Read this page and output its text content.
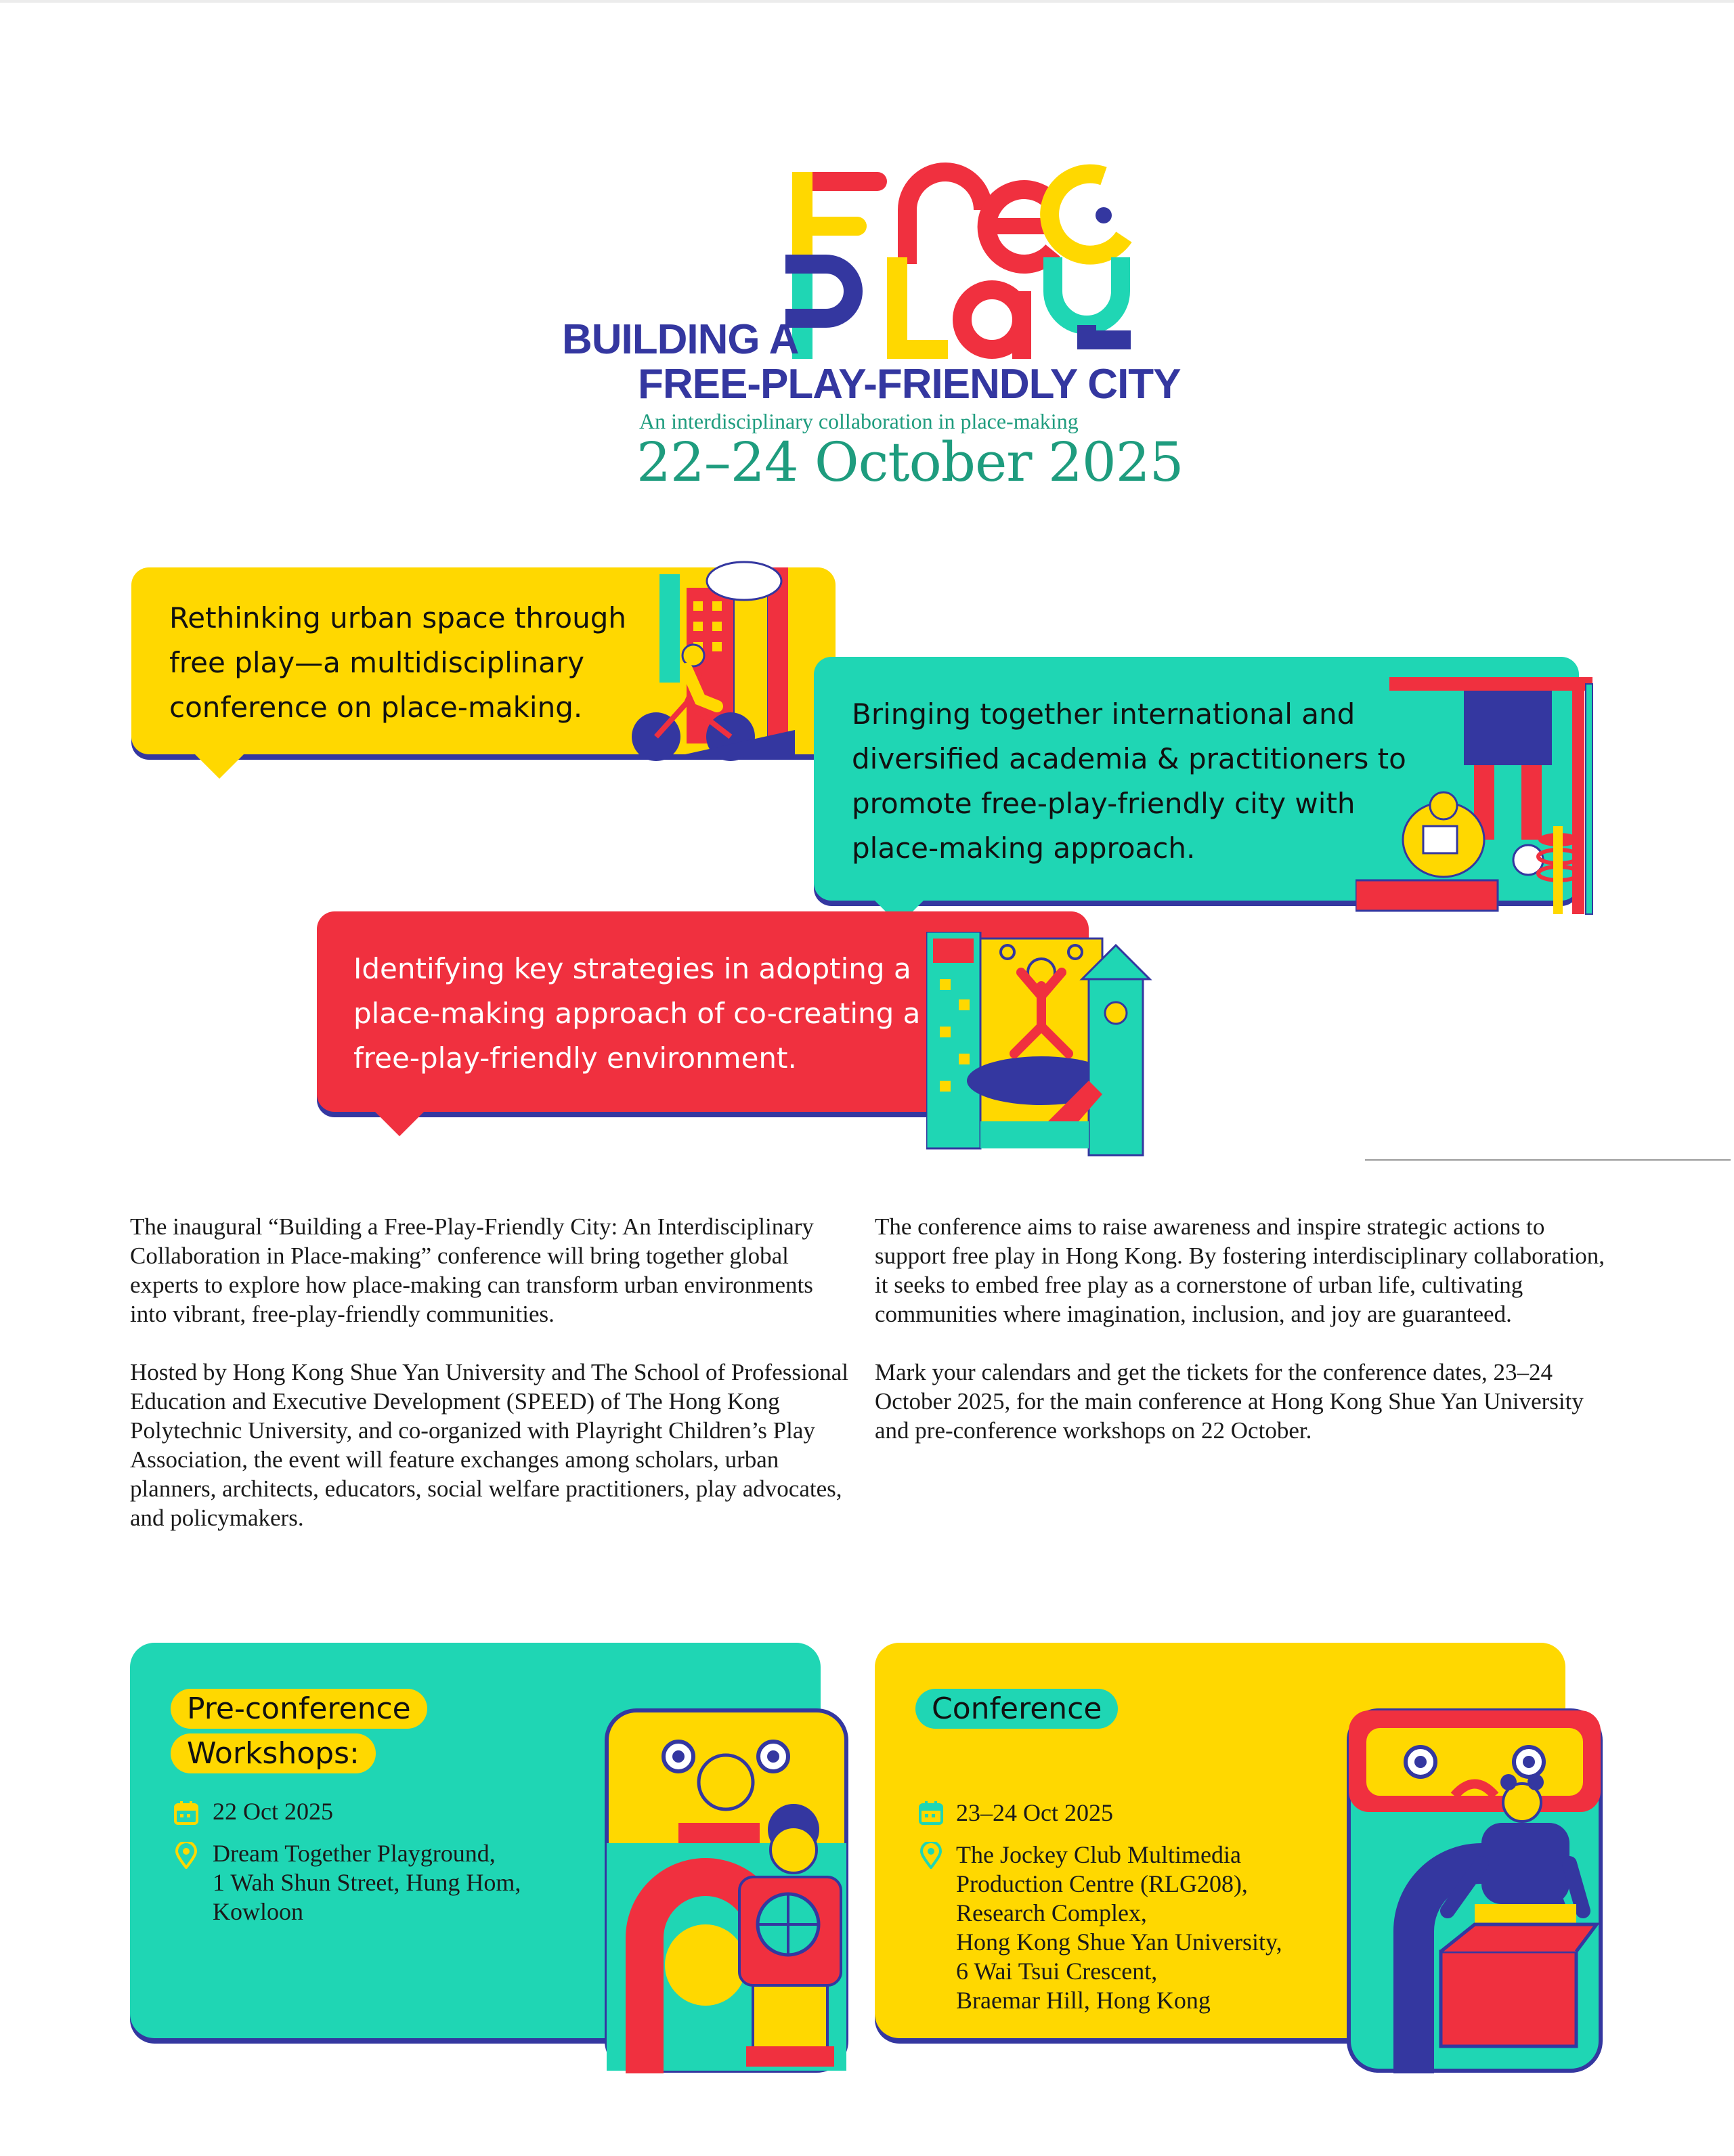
BUILDING A
FREE-PLAY-FRIENDLY CITY
An interdisciplinary collaboration in place-making
22–24 October 2025
Rethinking urban space through free play—a multidisciplinary conference on place-making.	Bringing together international and diversified academia & practitioners to promote free-play-friendly city with place-making approach.
Identifying key strategies in adopting a place-making approach of co-creating a free-play-friendly environment.

The inaugural “Building a Free-Play-Friendly City: An Interdisciplinary Collaboration in Place-making” conference will bring together global experts to explore how place-making can transform urban environments into vibrant, free-play-friendly communities.

Hosted by Hong Kong Shue Yan University and The School of Professional Education and Executive Development (SPEED) of The Hong Kong Polytechnic University, and co-organized with Playright Children’s Play Association, the event will feature exchanges among scholars, urban planners, architects, educators, social welfare practitioners, play advocates, and policymakers.

The conference aims to raise awareness and inspire strategic actions to support free play in Hong Kong. By fostering interdisciplinary collaboration, it seeks to embed free play as a cornerstone of urban life, cultivating communities where imagination, inclusion, and joy are guaranteed.

Mark your calendars and get the tickets for the conference dates, 23–24 October 2025, for the main conference at Hong Kong Shue Yan University and pre-conference workshops on 22 October.

Pre-conference
Workshops:
22 Oct 2025
Dream Together Playground,
1 Wah Shun Street, Hung Hom,
Kowloon
Conference
23–24 Oct 2025
The Jockey Club Multimedia
Production Centre (RLG208),
Research Complex,
Hong Kong Shue Yan University,
6 Wai Tsui Crescent,
Braemar Hill, Hong Kong
